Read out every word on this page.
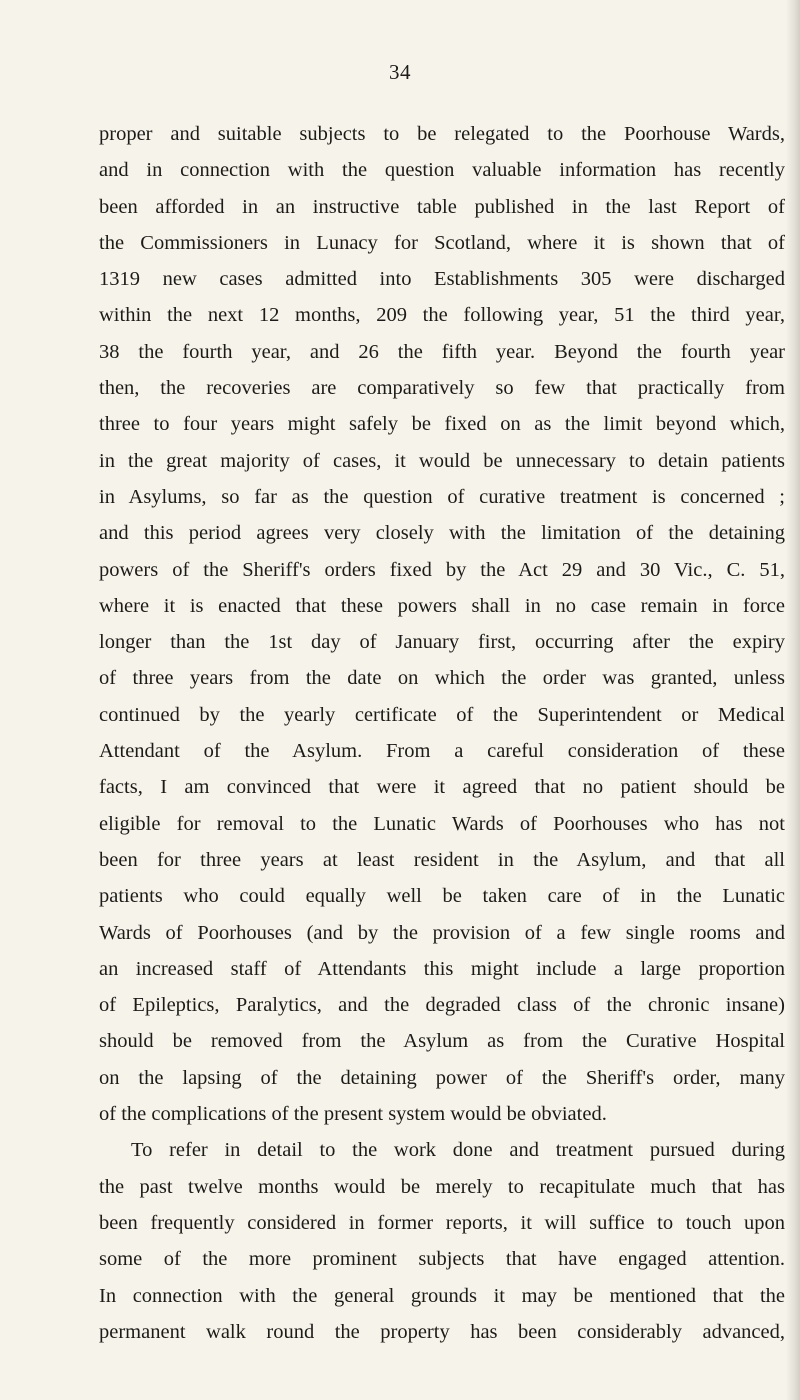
34
proper and suitable subjects to be relegated to the Poorhouse Wards,
and in connection with the question valuable information has recently
been afforded in an instructive table published in the last Report of
the Commissioners in Lunacy for Scotland, where it is shown that of
1319 new cases admitted into Establishments 305 were discharged
within the next 12 months, 209 the following year, 51 the third year,
38 the fourth year, and 26 the fifth year. Beyond the fourth year
then, the recoveries are comparatively so few that practically from
three to four years might safely be fixed on as the limit beyond which,
in the great majority of cases, it would be unnecessary to detain patients
in Asylums, so far as the question of curative treatment is concerned ;
and this period agrees very closely with the limitation of the detaining
powers of the Sheriff's orders fixed by the Act 29 and 30 Vic., C. 51,
where it is enacted that these powers shall in no case remain in force
longer than the 1st day of January first, occurring after the expiry
of three years from the date on which the order was granted, unless
continued by the yearly certificate of the Superintendent or Medical
Attendant of the Asylum. From a careful consideration of these
facts, I am convinced that were it agreed that no patient should be
eligible for removal to the Lunatic Wards of Poorhouses who has not
been for three years at least resident in the Asylum, and that all
patients who could equally well be taken care of in the Lunatic
Wards of Poorhouses (and by the provision of a few single rooms and
an increased staff of Attendants this might include a large proportion
of Epileptics, Paralytics, and the degraded class of the chronic insane)
should be removed from the Asylum as from the Curative Hospital
on the lapsing of the detaining power of the Sheriff's order, many
of the complications of the present system would be obviated.
To refer in detail to the work done and treatment pursued during
the past twelve months would be merely to recapitulate much that has
been frequently considered in former reports, it will suffice to touch upon
some of the more prominent subjects that have engaged attention.
In connection with the general grounds it may be mentioned that the
permanent walk round the property has been considerably advanced,
